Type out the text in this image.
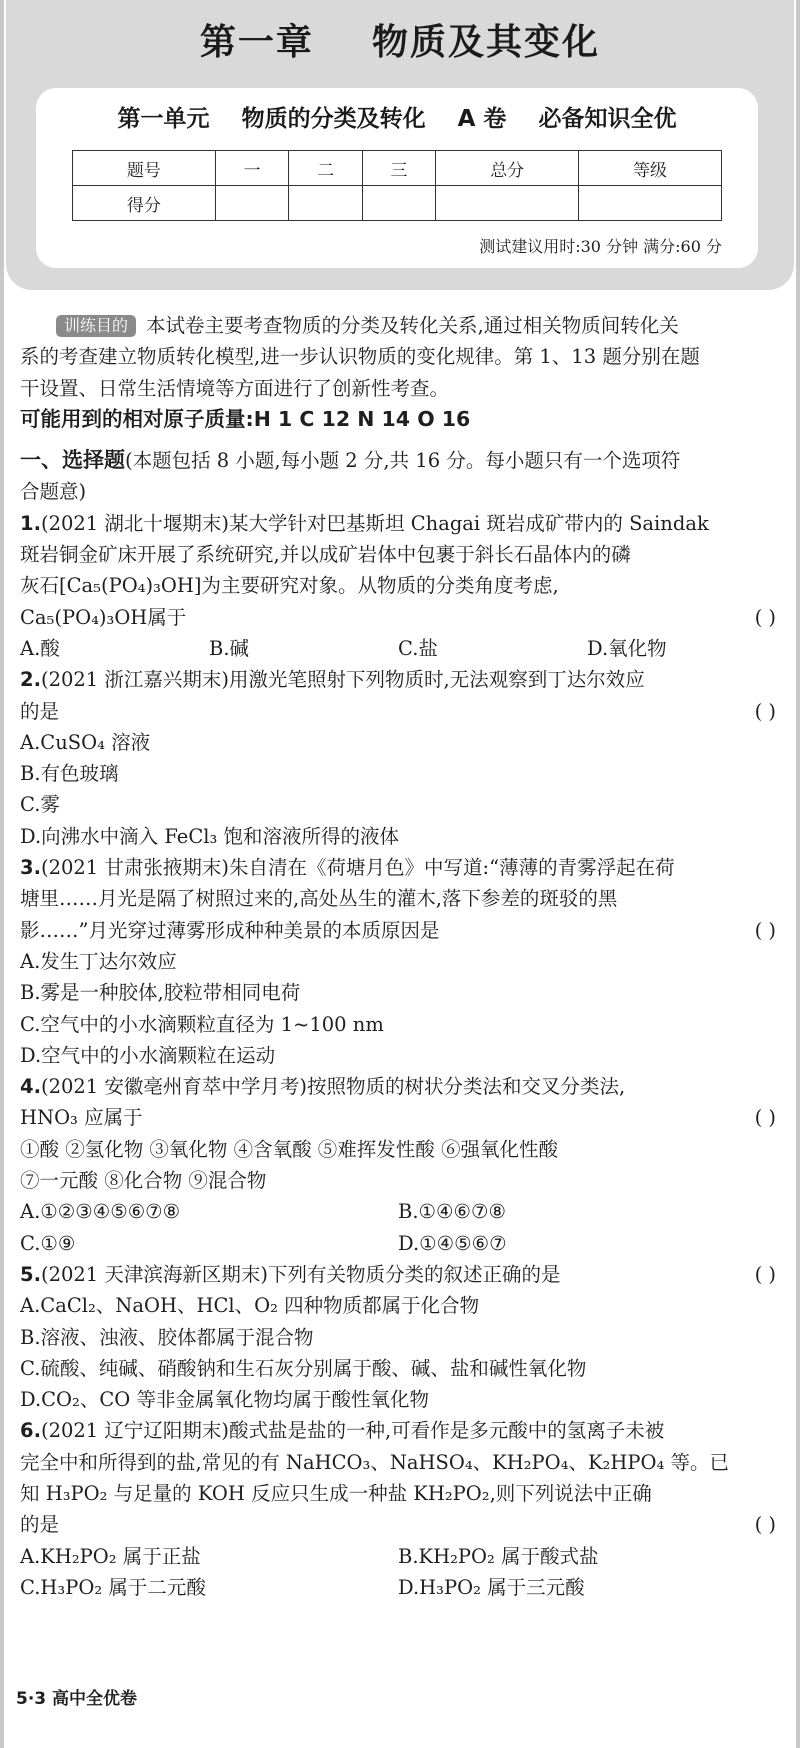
第一章    物质及其变化
第一单元    物质的分类及转化    A 卷    必备知识全优
题号	一	二	三	总分	等级
得分					
测试建议用时:30 分钟 满分:60 分
训练目的 本试卷主要考查物质的分类及转化关系,通过相关物质间转化关
系的考查建立物质转化模型,进一步认识物质的变化规律。第 1、13 题分别在题
干设置、日常生活情境等方面进行了创新性考查。
可能用到的相对原子质量:H 1 C 12 N 14 O 16
一、选择题(本题包括 8 小题,每小题 2 分,共 16 分。每小题只有一个选项符
合题意)
1.(2021 湖北十堰期末)某大学针对巴基斯坦 Chagai 斑岩成矿带内的 Saindak
斑岩铜金矿床开展了系统研究,并以成矿岩体中包裹于斜长石晶体内的磷
灰石[Ca₅(PO₄)₃OH]为主要研究对象。从物质的分类角度考虑,
Ca₅(PO₄)₃OH属于	( )
A.酸	B.碱	C.盐	D.氧化物
2.(2021 浙江嘉兴期末)用激光笔照射下列物质时,无法观察到丁达尔效应
的是	( )
A.CuSO₄ 溶液
B.有色玻璃
C.雾
D.向沸水中滴入 FeCl₃ 饱和溶液所得的液体
3.(2021 甘肃张掖期末)朱自清在《荷塘月色》中写道:“薄薄的青雾浮起在荷
塘里……月光是隔了树照过来的,高处丛生的灌木,落下参差的斑驳的黑
影……”月光穿过薄雾形成种种美景的本质原因是	( )
A.发生丁达尔效应
B.雾是一种胶体,胶粒带相同电荷
C.空气中的小水滴颗粒直径为 1~100 nm
D.空气中的小水滴颗粒在运动
4.(2021 安徽亳州育萃中学月考)按照物质的树状分类法和交叉分类法,
HNO₃ 应属于	( )
①酸 ②氢化物 ③氧化物 ④含氧酸 ⑤难挥发性酸 ⑥强氧化性酸
⑦一元酸 ⑧化合物 ⑨混合物
A.①②③④⑤⑥⑦⑧	B.①④⑥⑦⑧
C.①⑨	D.①④⑤⑥⑦
5.(2021 天津滨海新区期末)下列有关物质分类的叙述正确的是	( )
A.CaCl₂、NaOH、HCl、O₂ 四种物质都属于化合物
B.溶液、浊液、胶体都属于混合物
C.硫酸、纯碱、硝酸钠和生石灰分别属于酸、碱、盐和碱性氧化物
D.CO₂、CO 等非金属氧化物均属于酸性氧化物
6.(2021 辽宁辽阳期末)酸式盐是盐的一种,可看作是多元酸中的氢离子未被
完全中和所得到的盐,常见的有 NaHCO₃、NaHSO₄、KH₂PO₄、K₂HPO₄ 等。已
知 H₃PO₂ 与足量的 KOH 反应只生成一种盐 KH₂PO₂,则下列说法中正确
的是	( )
A.KH₂PO₂ 属于正盐	B.KH₂PO₂ 属于酸式盐
C.H₃PO₂ 属于二元酸	D.H₃PO₂ 属于三元酸
5·3 高中全优卷
